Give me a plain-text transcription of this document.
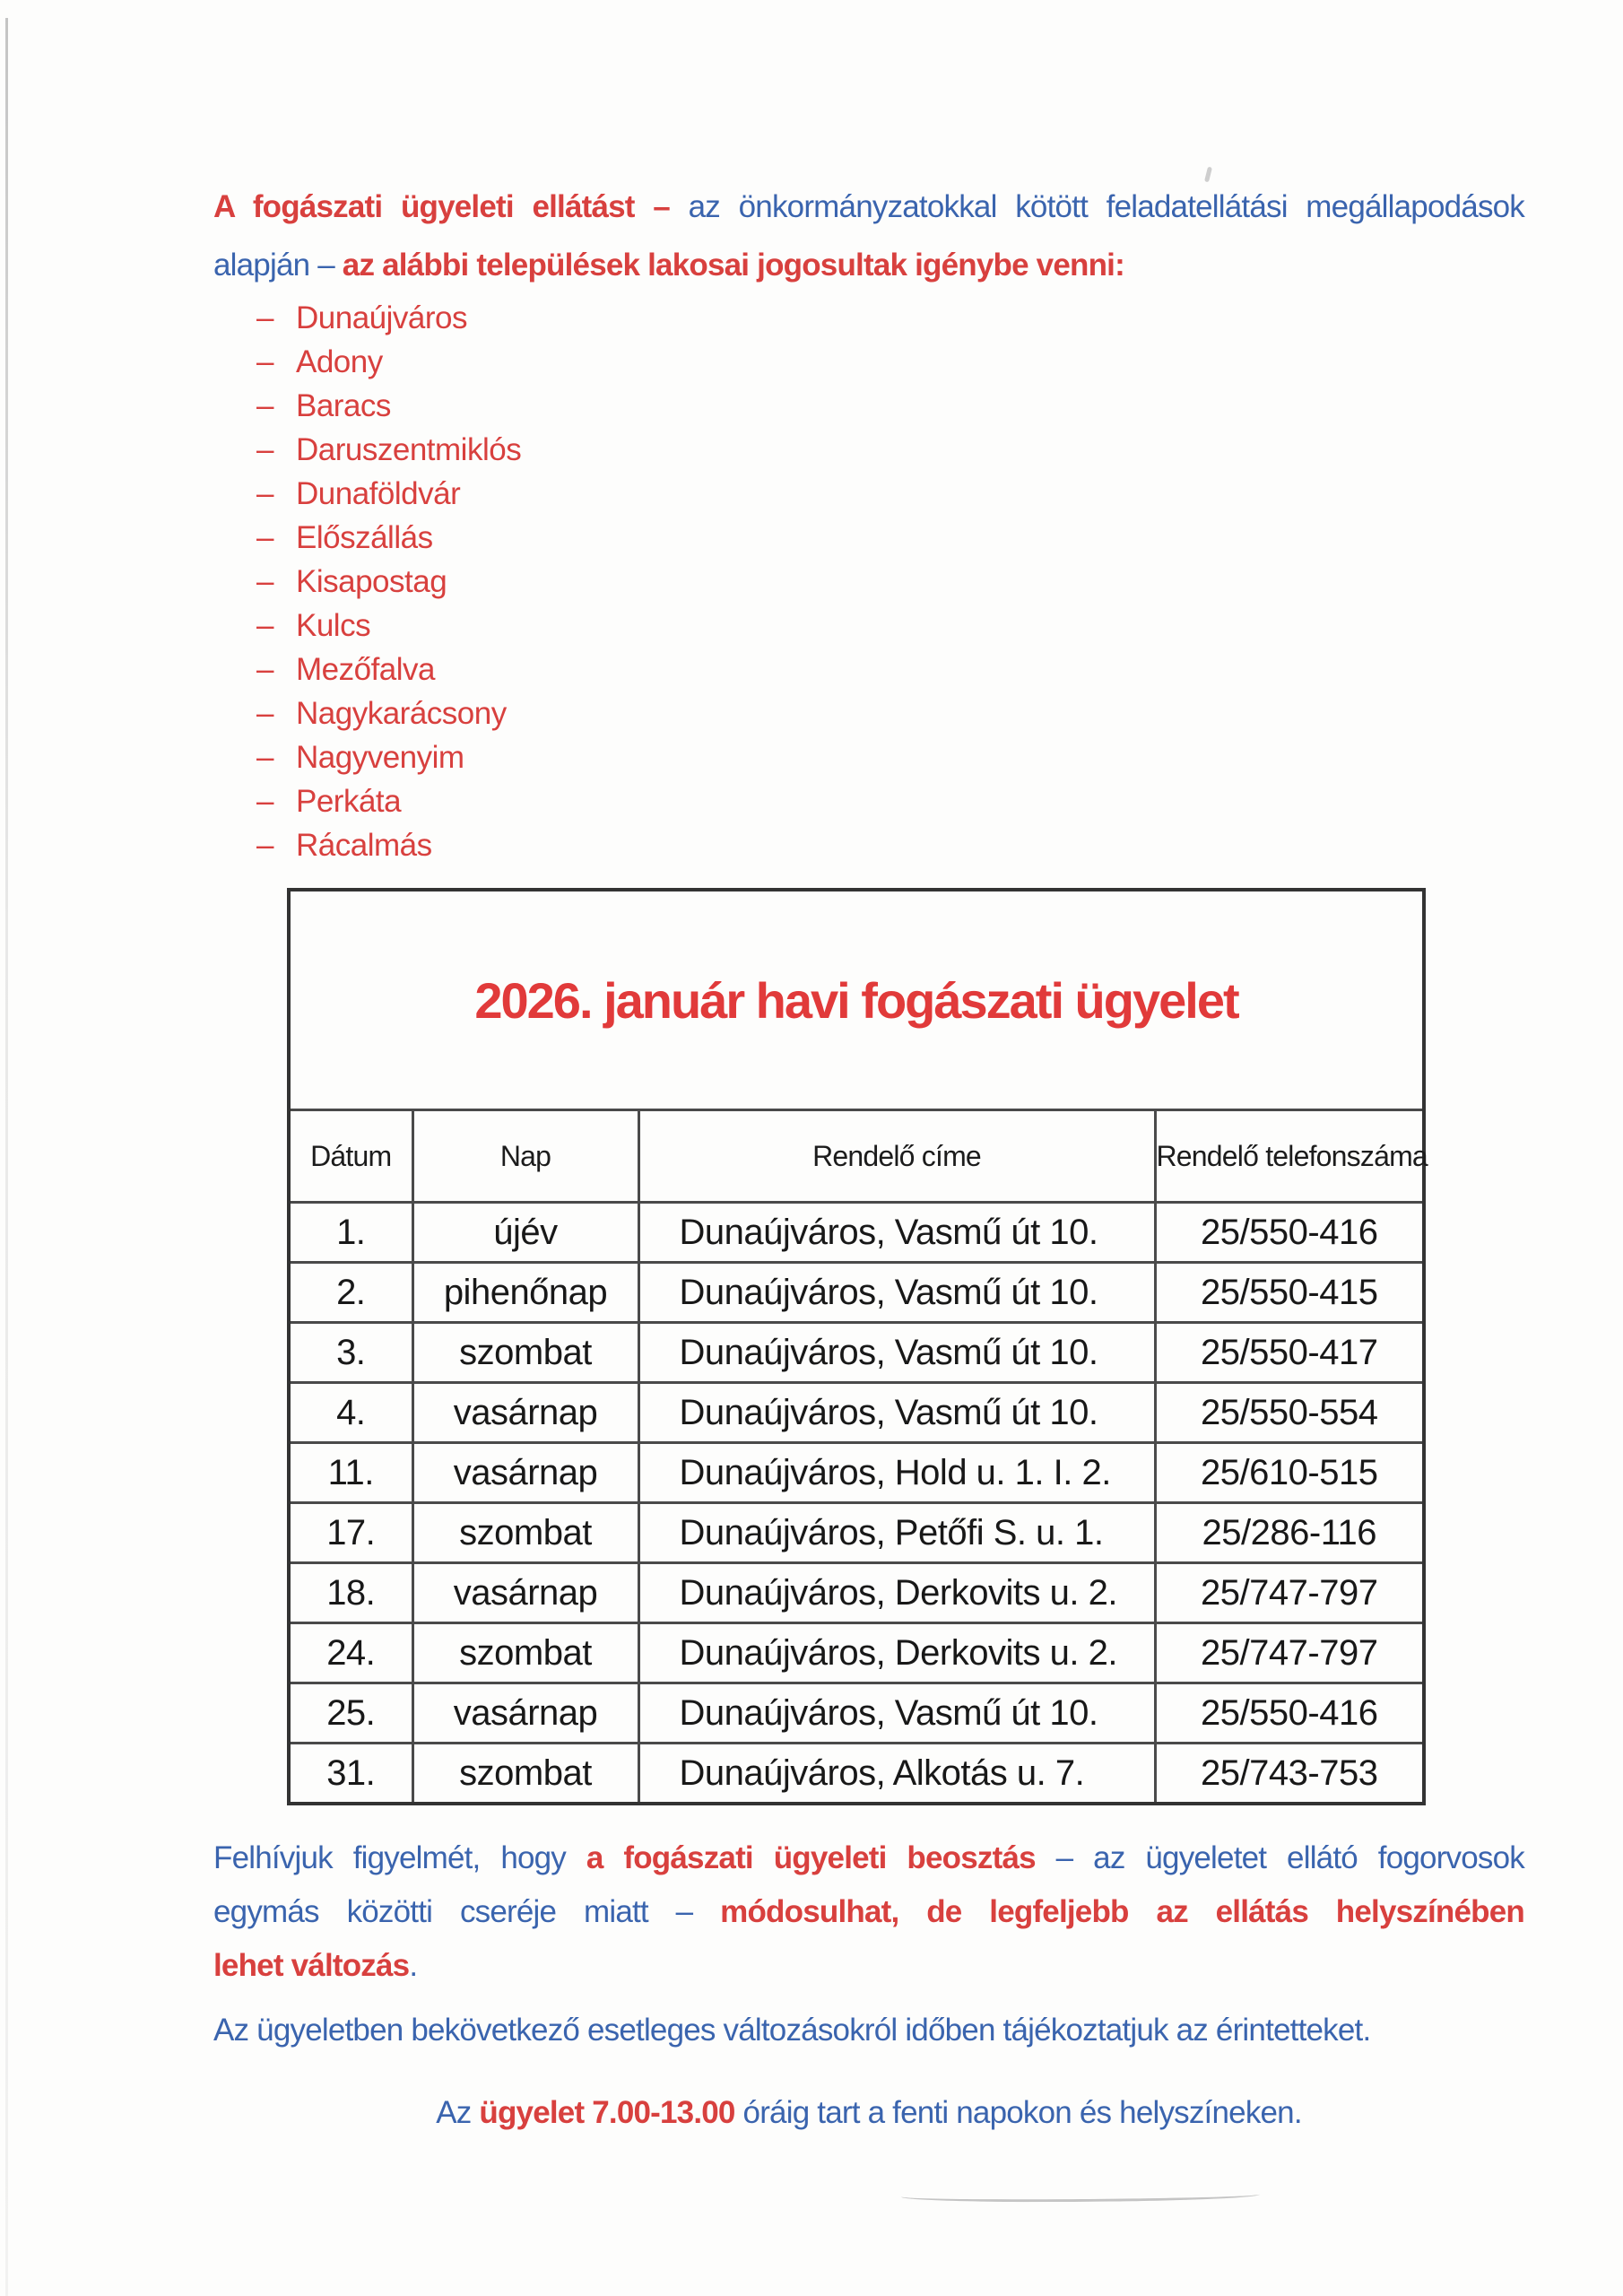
A fogászati ügyeleti ellátást – az önkormányzatokkal kötött feladatellátási megállapodások
alapján – az alábbi települések lakosai jogosultak igénybe venni:
– Dunaújváros
– Adony
– Baracs
– Daruszentmiklós
– Dunaföldvár
– Előszállás
– Kisapostag
– Kulcs
– Mezőfalva
– Nagykarácsony
– Nagyvenyim
– Perkáta
– Rácalmás
2026. január havi fogászati ügyelet			
Dátum	Nap	Rendelő címe	Rendelő telefonszáma
1.	újév	Dunaújváros, Vasmű út 10.	25/550-416
2.	pihenőnap	Dunaújváros, Vasmű út 10.	25/550-415
3.	szombat	Dunaújváros, Vasmű út 10.	25/550-417
4.	vasárnap	Dunaújváros, Vasmű út 10.	25/550-554
11.	vasárnap	Dunaújváros, Hold u. 1. I. 2.	25/610-515
17.	szombat	Dunaújváros, Petőfi S. u. 1.	25/286-116
18.	vasárnap	Dunaújváros, Derkovits u. 2.	25/747-797
24.	szombat	Dunaújváros, Derkovits u. 2.	25/747-797
25.	vasárnap	Dunaújváros, Vasmű út 10.	25/550-416
31.	szombat	Dunaújváros, Alkotás u. 7.	25/743-753
Felhívjuk figyelmét, hogy a fogászati ügyeleti beosztás – az ügyeletet ellátó fogorvosok
egymás közötti cseréje miatt – módosulhat, de legfeljebb az ellátás helyszínében
lehet változás.
Az ügyeletben bekövetkező esetleges változásokról időben tájékoztatjuk az érintetteket.
Az ügyelet 7.00-13.00 óráig tart a fenti napokon és helyszíneken.
